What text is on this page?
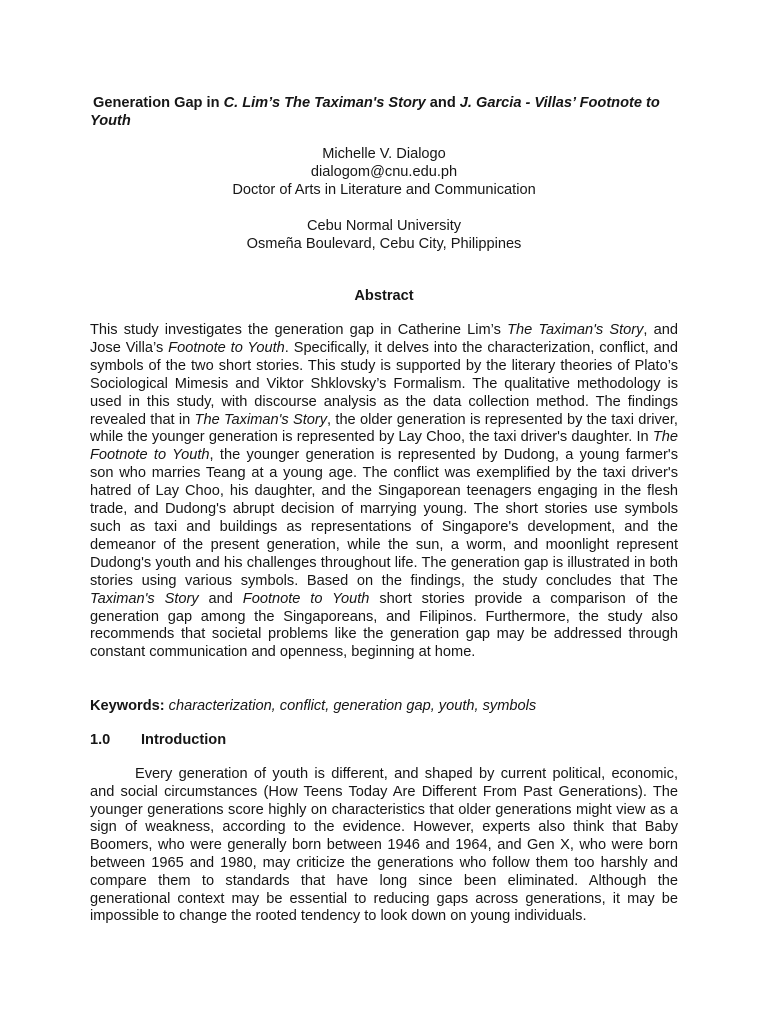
Generation Gap in C. Lim’s The Taximan's Story and J. Garcia - Villas’ Footnote to Youth
Michelle V. Dialogo
dialogom@cnu.edu.ph
Doctor of Arts in Literature and Communication
Cebu Normal University
Osmeña Boulevard, Cebu City, Philippines
Abstract

This study investigates the generation gap in Catherine Lim’s The Taximan's Story, and Jose Villa’s Footnote to Youth. Specifically, it delves into the characterization, conflict, and symbols of the two short stories. This study is supported by the literary theories of Plato’s Sociological Mimesis and Viktor Shklovsky’s Formalism. The qualitative methodology is used in this study, with discourse analysis as the data collection method. The findings revealed that in The Taximan's Story, the older generation is represented by the taxi driver, while the younger generation is represented by Lay Choo, the taxi driver's daughter. In The Footnote to Youth, the younger generation is represented by Dudong, a young farmer's son who marries Teang at a young age. The conflict was exemplified by the taxi driver's hatred of Lay Choo, his daughter, and the Singaporean teenagers engaging in the flesh trade, and Dudong's abrupt decision of marrying young. The short stories use symbols such as taxi and buildings as representations of Singapore's development, and the demeanor of the present generation, while the sun, a worm, and moonlight represent Dudong's youth and his challenges throughout life. The generation gap is illustrated in both stories using various symbols. Based on the findings, the study concludes that The Taximan's Story and Footnote to Youth short stories provide a comparison of the generation gap among the Singaporeans, and Filipinos. Furthermore, the study also recommends that societal problems like the generation gap may be addressed through constant communication and openness, beginning at home.

Keywords: characterization, conflict, generation gap, youth, symbols
1.0 Introduction

Every generation of youth is different, and shaped by current political, economic, and social circumstances (How Teens Today Are Different From Past Generations). The younger generations score highly on characteristics that older generations might view as a sign of weakness, according to the evidence. However, experts also think that Baby Boomers, who were generally born between 1946 and 1964, and Gen X, who were born between 1965 and 1980, may criticize the generations who follow them too harshly and compare them to standards that have long since been eliminated. Although the generational context may be essential to reducing gaps across generations, it may be impossible to change the rooted tendency to look down on young individuals.
